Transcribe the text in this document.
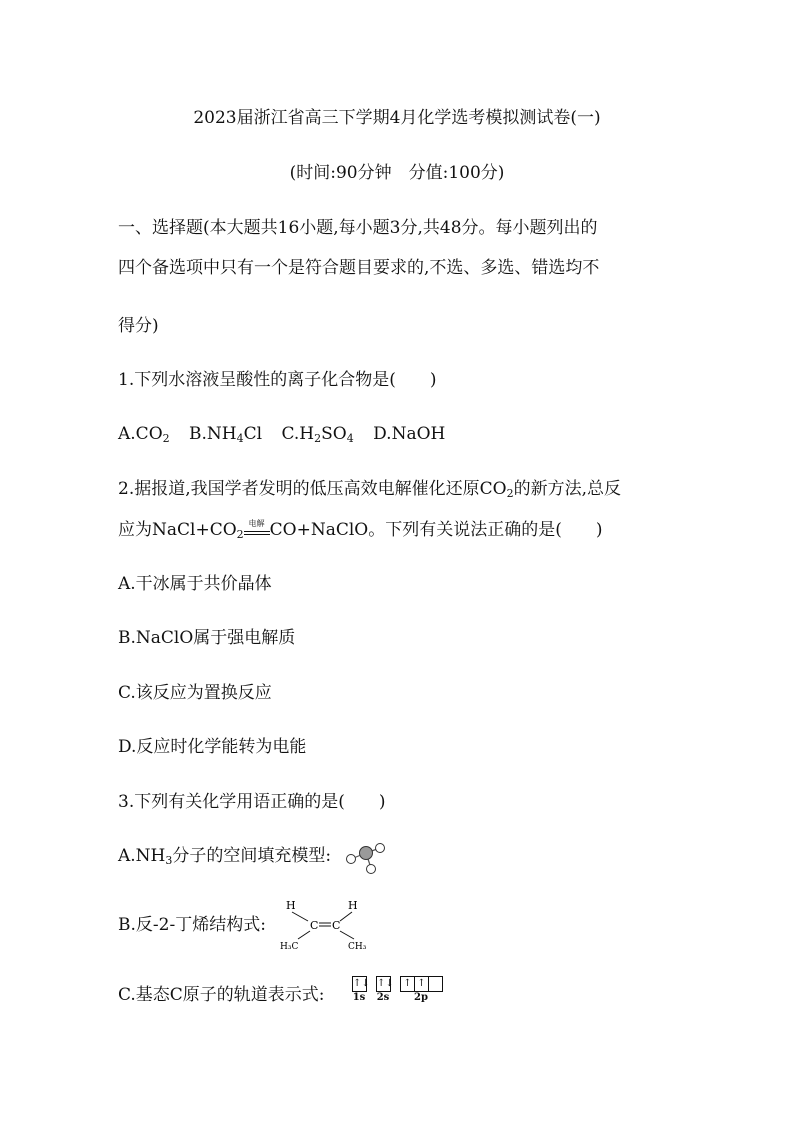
2023届浙江省高三下学期4月化学选考模拟测试卷(一)
(时间:90分钟　分值:100分)
一、选择题(本大题共16小题,每小题3分,共48分。每小题列出的
四个备选项中只有一个是符合题目要求的,不选、多选、错选均不
得分)
1.下列水溶液呈酸性的离子化合物是(　　)
$A.CO_2$ $B.NH_4Cl$ $C.H_2SO_4$ D.NaOH
2.据报道,我国学者发明的低压高效电解催化还原$CO_2$的新方法,总反
应为$NaCl+CO_2$
电解 CO+NaClO。下列有关说法正确的是(　　)
A.干冰属于共价晶体
B.NaClO属于强电解质
C.该反应为置换反应
D.反应时化学能转为电能
3.下列有关化学用语正确的是(　　)
$A.NH_3$分子的空间填充模型:
B.反-2-丁烯结构式:
H	H
C C
H₃C	CH₃
C.基态C原子的轨道表示式:
↑↓
1s
↑↓
2s
↑ ↑
2p
